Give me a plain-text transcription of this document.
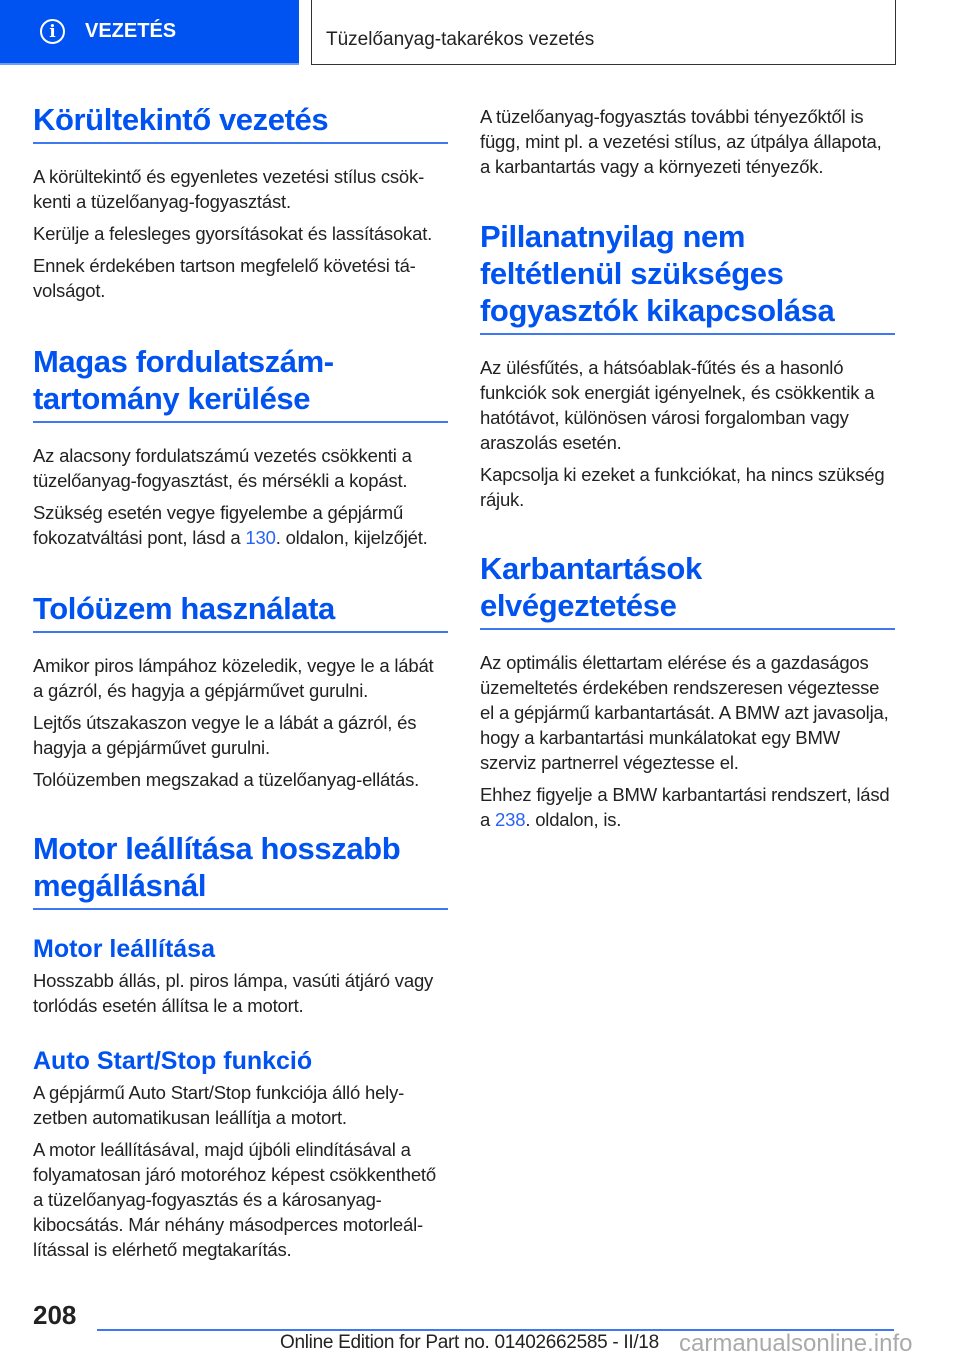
i	VEZETÉS	Tüzelőanyag-takarékos vezetés
Körültekintő vezetés

A körültekintő és egyenletes vezetési stílus csökkenti a tüzelőanyag-fogyasztást.

Kerülje a felesleges gyorsításokat és lassításokat.

Ennek érdekében tartson megfelelő követési távolságot.

Magas fordulatszám-tartomány kerülése

Az alacsony fordulatszámú vezetés csökkenti a tüzelőanyag-fogyasztást, és mérsékli a kopást.

Szükség esetén vegye figyelembe a gépjármű fokozatváltási pont, lásd a 130. oldalon, kijelzőjét.

Tolóüzem használata

Amikor piros lámpához közeledik, vegye le a lábát a gázról, és hagyja a gépjárművet gurulni.

Lejtős útszakaszon vegye le a lábát a gázról, és hagyja a gépjárművet gurulni.

Tolóüzemben megszakad a tüzelőanyag-ellátás.

Motor leállítása hosszabb megállásnál
Motor leállítása

Hosszabb állás, pl. piros lámpa, vasúti átjáró vagy torlódás esetén állítsa le a motort.

Auto Start/Stop funkció

A gépjármű Auto Start/Stop funkciója álló helyzetben automatikusan leállítja a motort.

A motor leállításával, majd újbóli elindításával a folyamatosan járó motoréhoz képest csökkenthető a tüzelőanyag-fogyasztás és a károsanyag-kibocsátás. Már néhány másodperces motorleállítással is elérhető megtakarítás.

A tüzelőanyag-fogyasztás további tényezőktől is függ, mint pl. a vezetési stílus, az útpálya állapota, a karbantartás vagy a környezeti tényezők.

Pillanatnyilag nem feltétlenül szükséges fogyasztók kikapcsolása

Az ülésfűtés, a hátsóablak-fűtés és a hasonló funkciók sok energiát igényelnek, és csökkentik a hatótávot, különösen városi forgalomban vagy araszolás esetén.

Kapcsolja ki ezeket a funkciókat, ha nincs szükség rájuk.

Karbantartások elvégeztetése

Az optimális élettartam elérése és a gazdaságos üzemeltetés érdekében rendszeresen végeztesse el a gépjármű karbantartását. A BMW azt javasolja, hogy a karbantartási munkálatokat egy BMW szerviz partnerrel végeztesse el.

Ehhez figyelje a BMW karbantartási rendszert, lásd a 238. oldalon, is.

208
Online Edition for Part no. 01402662585 - II/18 carmanualsonline.info
